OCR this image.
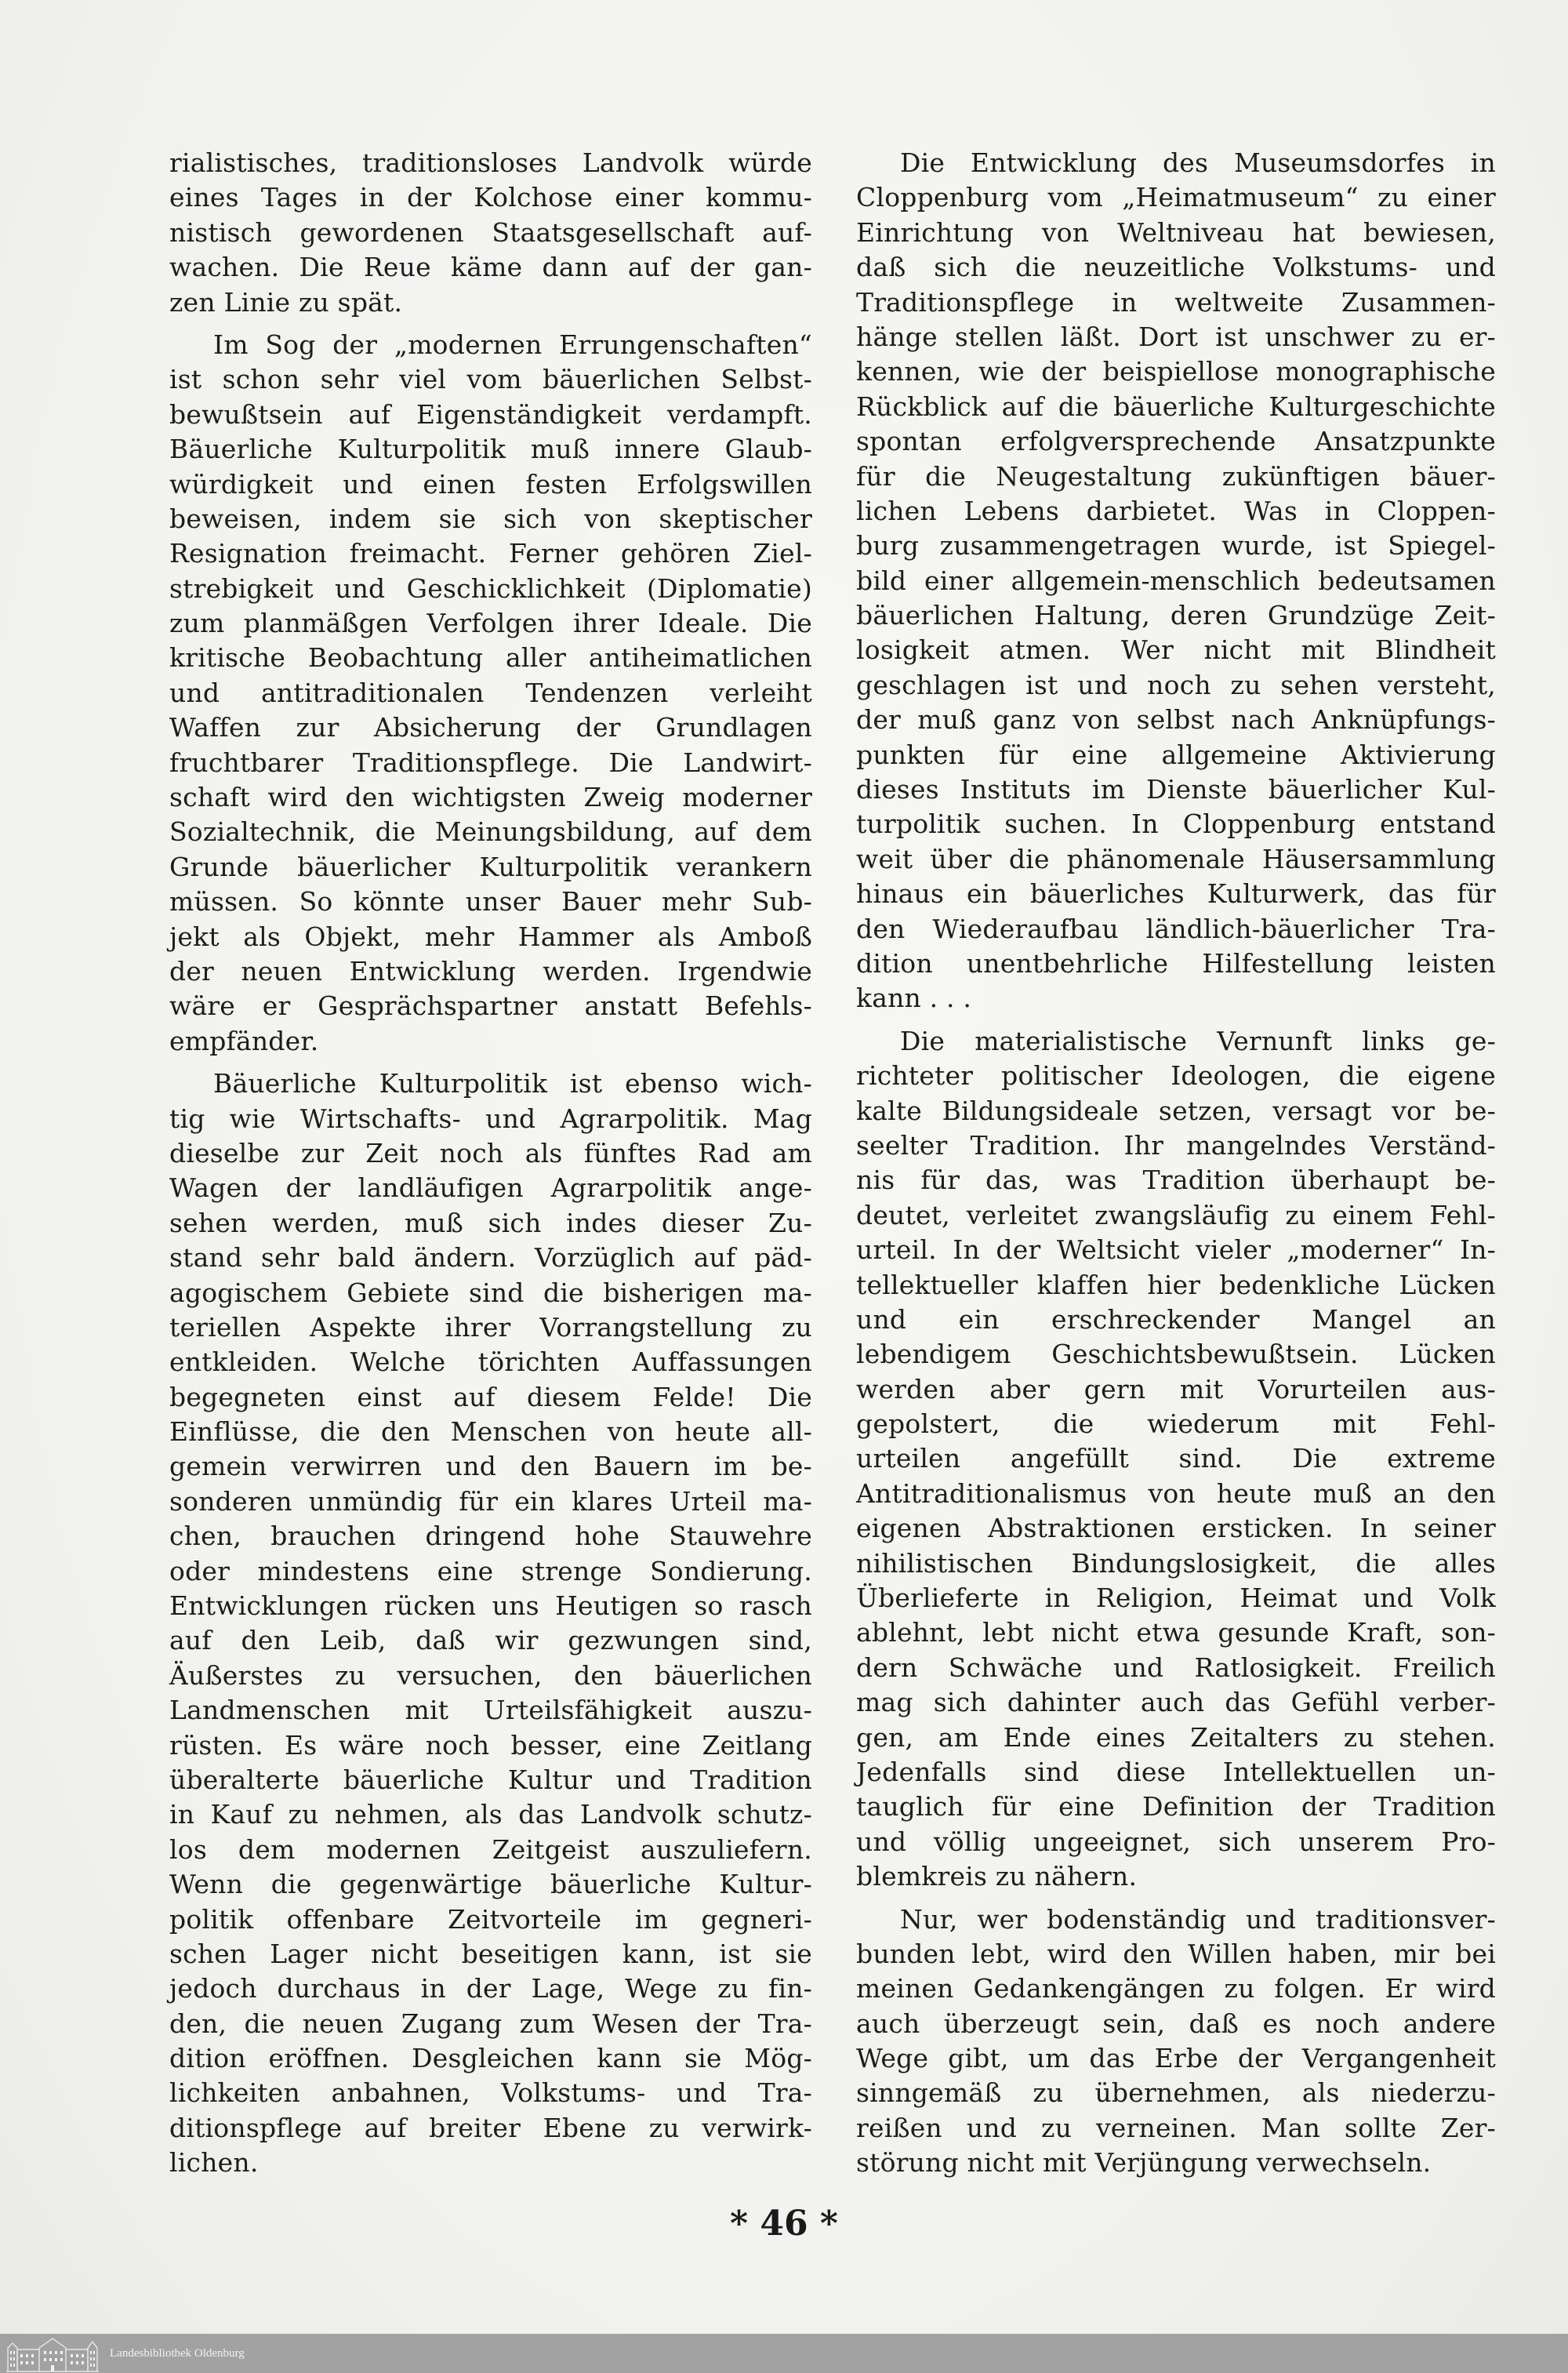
rialistisches, traditionsloses Landvolk würde
eines Tages in der Kolchose einer kommu-
nistisch gewordenen Staatsgesellschaft auf-
wachen. Die Reue käme dann auf der gan-
zen Linie zu spät.
Im Sog der „modernen Errungenschaften“
ist schon sehr viel vom bäuerlichen Selbst-
bewußtsein auf Eigenständigkeit verdampft.
Bäuerliche Kulturpolitik muß innere Glaub-
würdigkeit und einen festen Erfolgswillen
beweisen, indem sie sich von skeptischer
Resignation freimacht. Ferner gehören Ziel-
strebigkeit und Geschicklichkeit (Diplomatie)
zum planmäßgen Verfolgen ihrer Ideale. Die
kritische Beobachtung aller antiheimatlichen
und antitraditionalen Tendenzen verleiht
Waffen zur Absicherung der Grundlagen
fruchtbarer Traditionspflege. Die Landwirt-
schaft wird den wichtigsten Zweig moderner
Sozialtechnik, die Meinungsbildung, auf dem
Grunde bäuerlicher Kulturpolitik verankern
müssen. So könnte unser Bauer mehr Sub-
jekt als Objekt, mehr Hammer als Amboß
der neuen Entwicklung werden. Irgendwie
wäre er Gesprächspartner anstatt Befehls-
empfänder.
Bäuerliche Kulturpolitik ist ebenso wich-
tig wie Wirtschafts- und Agrarpolitik. Mag
dieselbe zur Zeit noch als fünftes Rad am
Wagen der landläufigen Agrarpolitik ange-
sehen werden, muß sich indes dieser Zu-
stand sehr bald ändern. Vorzüglich auf päd-
agogischem Gebiete sind die bisherigen ma-
teriellen Aspekte ihrer Vorrangstellung zu
entkleiden. Welche törichten Auffassungen
begegneten einst auf diesem Felde! Die
Einflüsse, die den Menschen von heute all-
gemein verwirren und den Bauern im be-
sonderen unmündig für ein klares Urteil ma-
chen, brauchen dringend hohe Stauwehre
oder mindestens eine strenge Sondierung.
Entwicklungen rücken uns Heutigen so rasch
auf den Leib, daß wir gezwungen sind,
Äußerstes zu versuchen, den bäuerlichen
Landmenschen mit Urteilsfähigkeit auszu-
rüsten. Es wäre noch besser, eine Zeitlang
überalterte bäuerliche Kultur und Tradition
in Kauf zu nehmen, als das Landvolk schutz-
los dem modernen Zeitgeist auszuliefern.
Wenn die gegenwärtige bäuerliche Kultur-
politik offenbare Zeitvorteile im gegneri-
schen Lager nicht beseitigen kann, ist sie
jedoch durchaus in der Lage, Wege zu fin-
den, die neuen Zugang zum Wesen der Tra-
dition eröffnen. Desgleichen kann sie Mög-
lichkeiten anbahnen, Volkstums- und Tra-
ditionspflege auf breiter Ebene zu verwirk-
lichen.
Die Entwicklung des Museumsdorfes in
Cloppenburg vom „Heimatmuseum“ zu einer
Einrichtung von Weltniveau hat bewiesen,
daß sich die neuzeitliche Volkstums- und
Traditionspflege in weltweite Zusammen-
hänge stellen läßt. Dort ist unschwer zu er-
kennen, wie der beispiellose monographische
Rückblick auf die bäuerliche Kulturgeschichte
spontan erfolgversprechende Ansatzpunkte
für die Neugestaltung zukünftigen bäuer-
lichen Lebens darbietet. Was in Cloppen-
burg zusammengetragen wurde, ist Spiegel-
bild einer allgemein-menschlich bedeutsamen
bäuerlichen Haltung, deren Grundzüge Zeit-
losigkeit atmen. Wer nicht mit Blindheit
geschlagen ist und noch zu sehen versteht,
der muß ganz von selbst nach Anknüpfungs-
punkten für eine allgemeine Aktivierung
dieses Instituts im Dienste bäuerlicher Kul-
turpolitik suchen. In Cloppenburg entstand
weit über die phänomenale Häusersammlung
hinaus ein bäuerliches Kulturwerk, das für
den Wiederaufbau ländlich-bäuerlicher Tra-
dition unentbehrliche Hilfestellung leisten
kann . . .
Die materialistische Vernunft links ge-
richteter politischer Ideologen, die eigene
kalte Bildungsideale setzen, versagt vor be-
seelter Tradition. Ihr mangelndes Verständ-
nis für das, was Tradition überhaupt be-
deutet, verleitet zwangsläufig zu einem Fehl-
urteil. In der Weltsicht vieler „moderner“ In-
tellektueller klaffen hier bedenkliche Lücken
und ein erschreckender Mangel an
lebendigem Geschichtsbewußtsein. Lücken
werden aber gern mit Vorurteilen aus-
gepolstert, die wiederum mit Fehl-
urteilen angefüllt sind. Die extreme
Antitraditionalismus von heute muß an den
eigenen Abstraktionen ersticken. In seiner
nihilistischen Bindungslosigkeit, die alles
Überlieferte in Religion, Heimat und Volk
ablehnt, lebt nicht etwa gesunde Kraft, son-
dern Schwäche und Ratlosigkeit. Freilich
mag sich dahinter auch das Gefühl verber-
gen, am Ende eines Zeitalters zu stehen.
Jedenfalls sind diese Intellektuellen un-
tauglich für eine Definition der Tradition
und völlig ungeeignet, sich unserem Pro-
blemkreis zu nähern.
Nur, wer bodenständig und traditionsver-
bunden lebt, wird den Willen haben, mir bei
meinen Gedankengängen zu folgen. Er wird
auch überzeugt sein, daß es noch andere
Wege gibt, um das Erbe der Vergangenheit
sinngemäß zu übernehmen, als niederzu-
reißen und zu verneinen. Man sollte Zer-
störung nicht mit Verjüngung verwechseln.
* 46 *
Landesbibliothek Oldenburg
